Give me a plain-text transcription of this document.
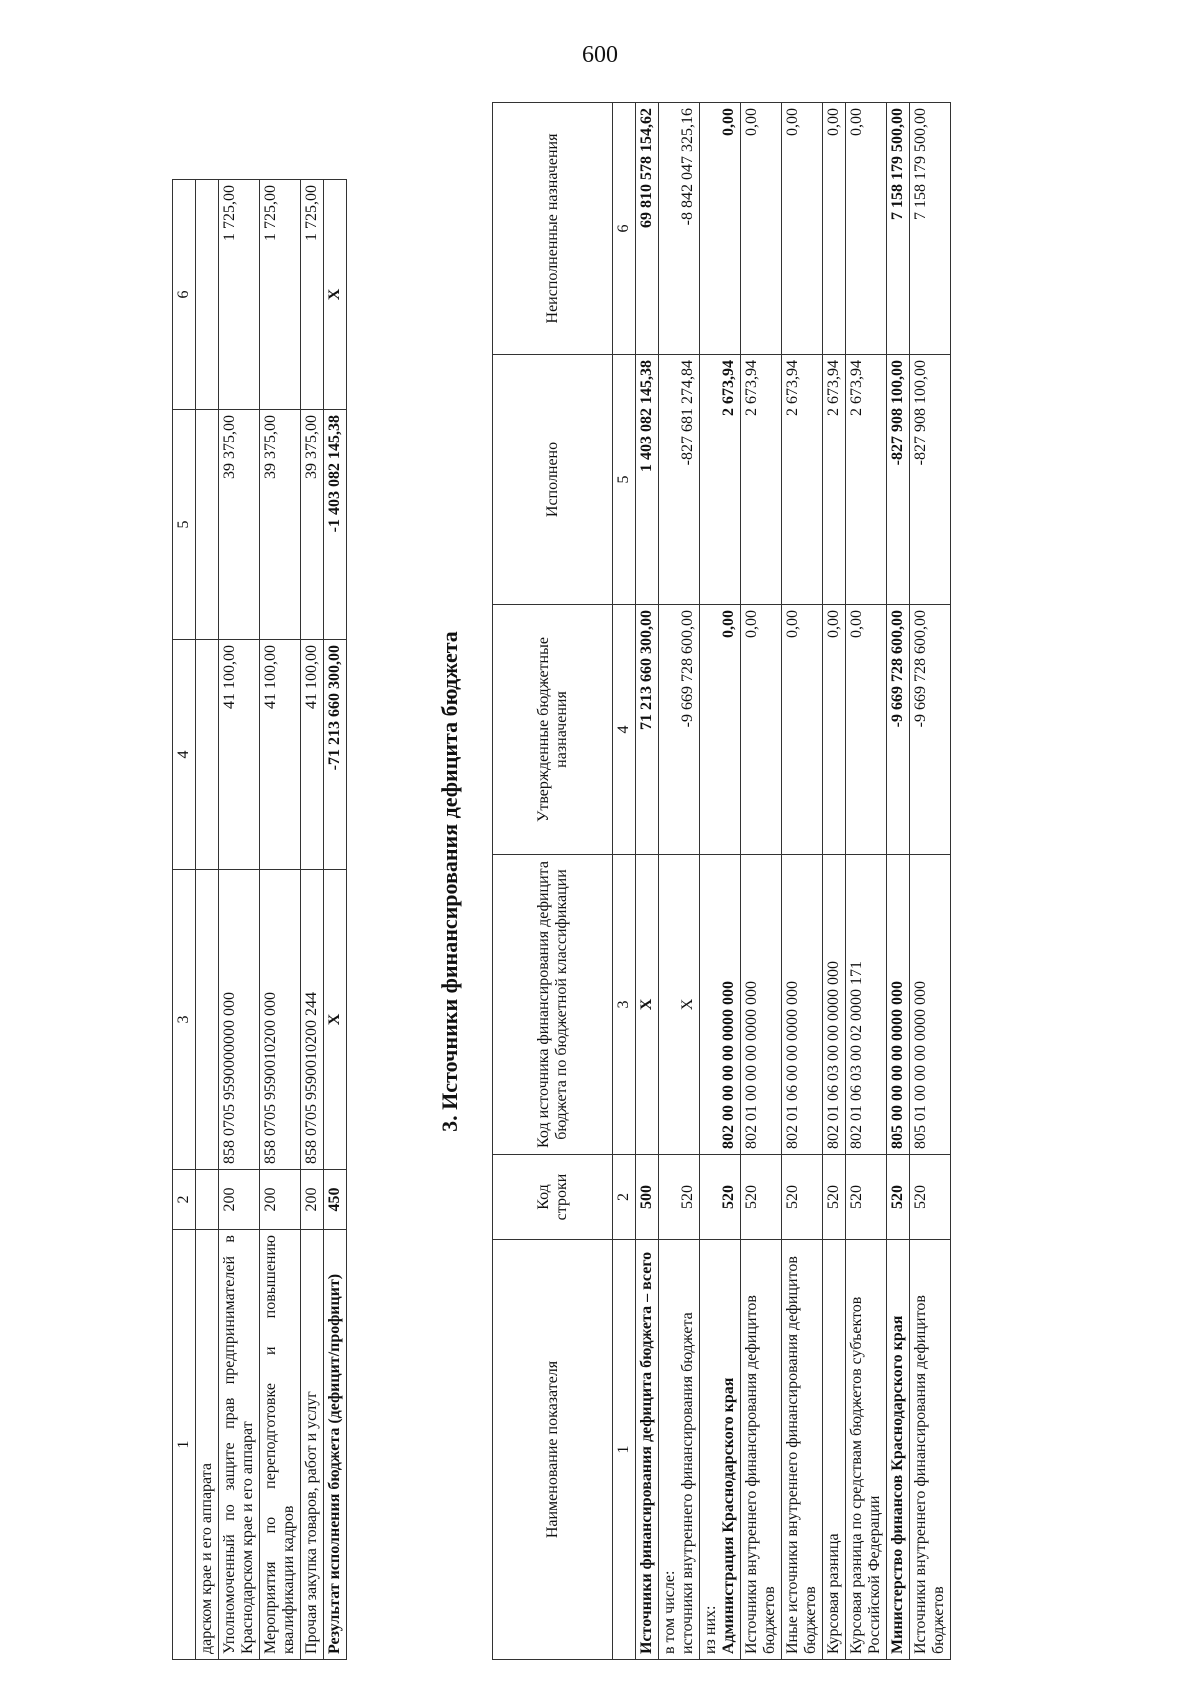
600
1	2	3	4	5	6
дарском крае и его аппарата					
Уполномоченный по защите прав предпринимателей в Краснодарском крае и его аппарат	200	858 0705 9590000000 000	41 100,00	39 375,00	1 725,00
Мероприятия по переподготовке и повышению квалификации кадров	200	858 0705 9590010200 000	41 100,00	39 375,00	1 725,00
Прочая закупка товаров, работ и услуг	200	858 0705 9590010200 244	41 100,00	39 375,00	1 725,00
Результат исполнения бюджета (дефицит/профицит)	450	X	-71 213 660 300,00	-1 403 082 145,38	X
3. Источники финансирования дефицита бюджета
Наименование показателя	Код строки	Код источника финансирования дефицита бюджета по бюджетной классификации	Утвержденные бюджетные назначения	Исполнено	Неисполненные назначения
1	2	3	4	5	6

Источники финансирования дефицита бюджета – всего	500	X	71 213 660 300,00	1 403 082 145,38	69 810 578 154,62

в том числе: источники внутреннего финансирования бюджета	520	X	-9 669 728 600,00	-827 681 274,84	-8 842 047 325,16

из них: Администрация Краснодарского края	520	802 00 00 00 00 0000 000	0,00	2 673,94	0,00

Источники внутреннего финансирования дефицитов бюджетов	520	802 01 00 00 00 0000 000	0,00	2 673,94	0,00

Иные источники внутреннего финансирования дефицитов бюджетов	520	802 01 06 00 00 0000 000	0,00	2 673,94	0,00

Курсовая разница	520	802 01 06 03 00 00 0000 000	0,00	2 673,94	0,00

Курсовая разница по средствам бюджетов субъектов Российской Федерации	520	802 01 06 03 00 02 0000 171	0,00	2 673,94	0,00

Министерство финансов Краснодарского края	520	805 00 00 00 00 0000 000	-9 669 728 600,00	-827 908 100,00	7 158 179 500,00

Источники внутреннего финансирования дефицитов бюджетов	520	805 01 00 00 00 0000 000	-9 669 728 600,00	-827 908 100,00	7 158 179 500,00
